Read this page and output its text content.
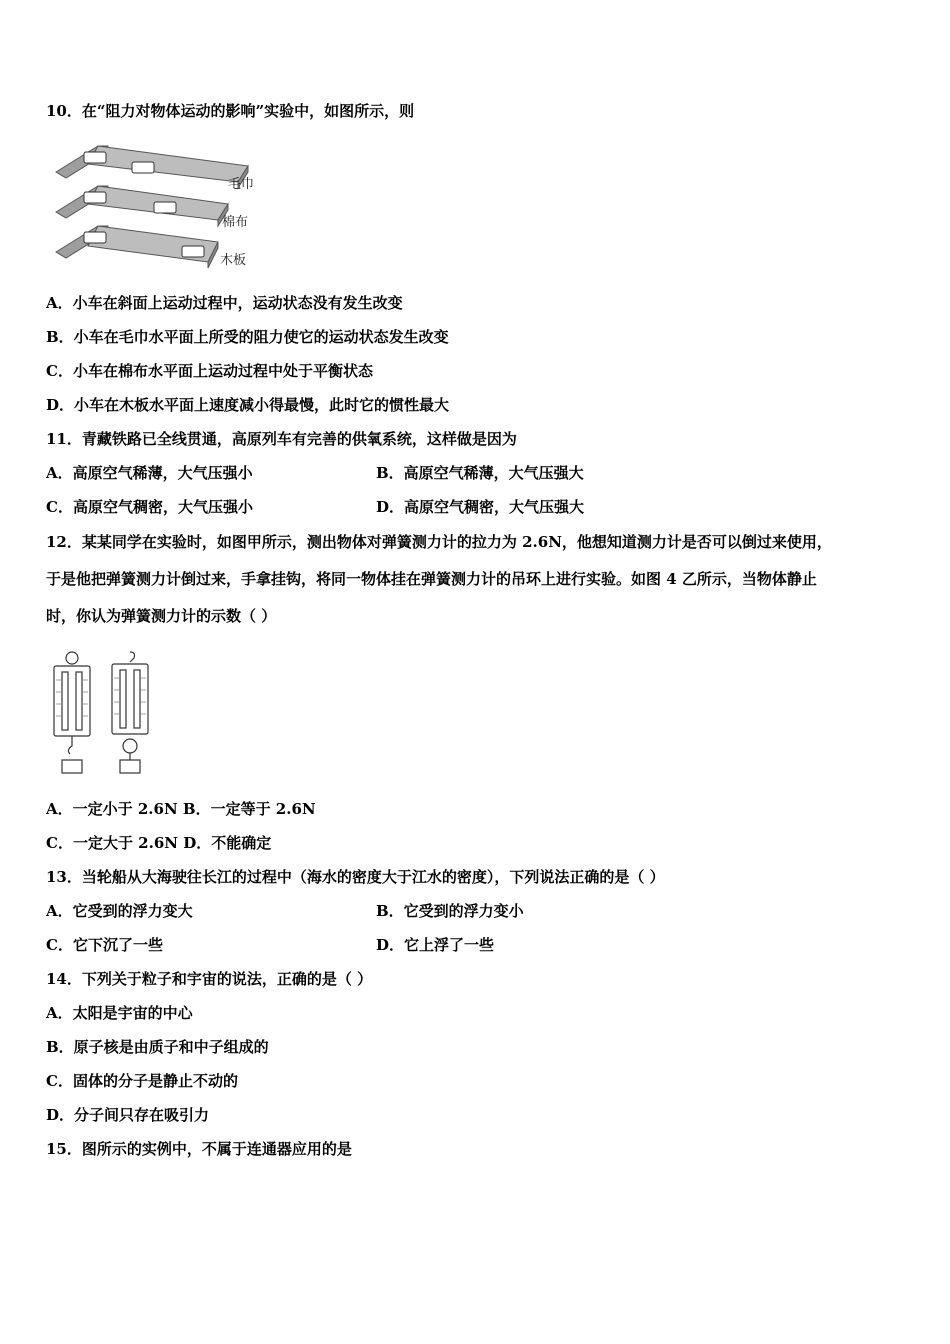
10．在“阻力对物体运动的影响”实验中，如图所示，则
毛巾
棉布
木板
A．小车在斜面上运动过程中，运动状态没有发生改变
B．小车在毛巾水平面上所受的阻力使它的运动状态发生改变
C．小车在棉布水平面上运动过程中处于平衡状态
D．小车在木板水平面上速度减小得最慢，此时它的惯性最大
11．青藏铁路已全线贯通，高原列车有完善的供氧系统，这样做是因为
A．高原空气稀薄，大气压强小	B．高原空气稀薄，大气压强大
C．高原空气稠密，大气压强小	D．高原空气稠密，大气压强大
12．某某同学在实验时，如图甲所示，测出物体对弹簧测力计的拉力为 2.6N，他想知道测力计是否可以倒过来使用，
于是他把弹簧测力计倒过来，手拿挂钩，将同一物体挂在弹簧测力计的吊环上进行实验。如图 4 乙所示，当物体静止
时，你认为弹簧测力计的示数（ ）
A．一定小于 2.6N B．一定等于 2.6N
C．一定大于 2.6N D．不能确定
13．当轮船从大海驶往长江的过程中（海水的密度大于江水的密度），下列说法正确的是（ ）
A．它受到的浮力变大	B．它受到的浮力变小
C．它下沉了一些	D．它上浮了一些
14．下列关于粒子和宇宙的说法，正确的是（ ）
A．太阳是宇宙的中心
B．原子核是由质子和中子组成的
C．固体的分子是静止不动的
D．分子间只存在吸引力
15．图所示的实例中，不属于连通器应用的是
